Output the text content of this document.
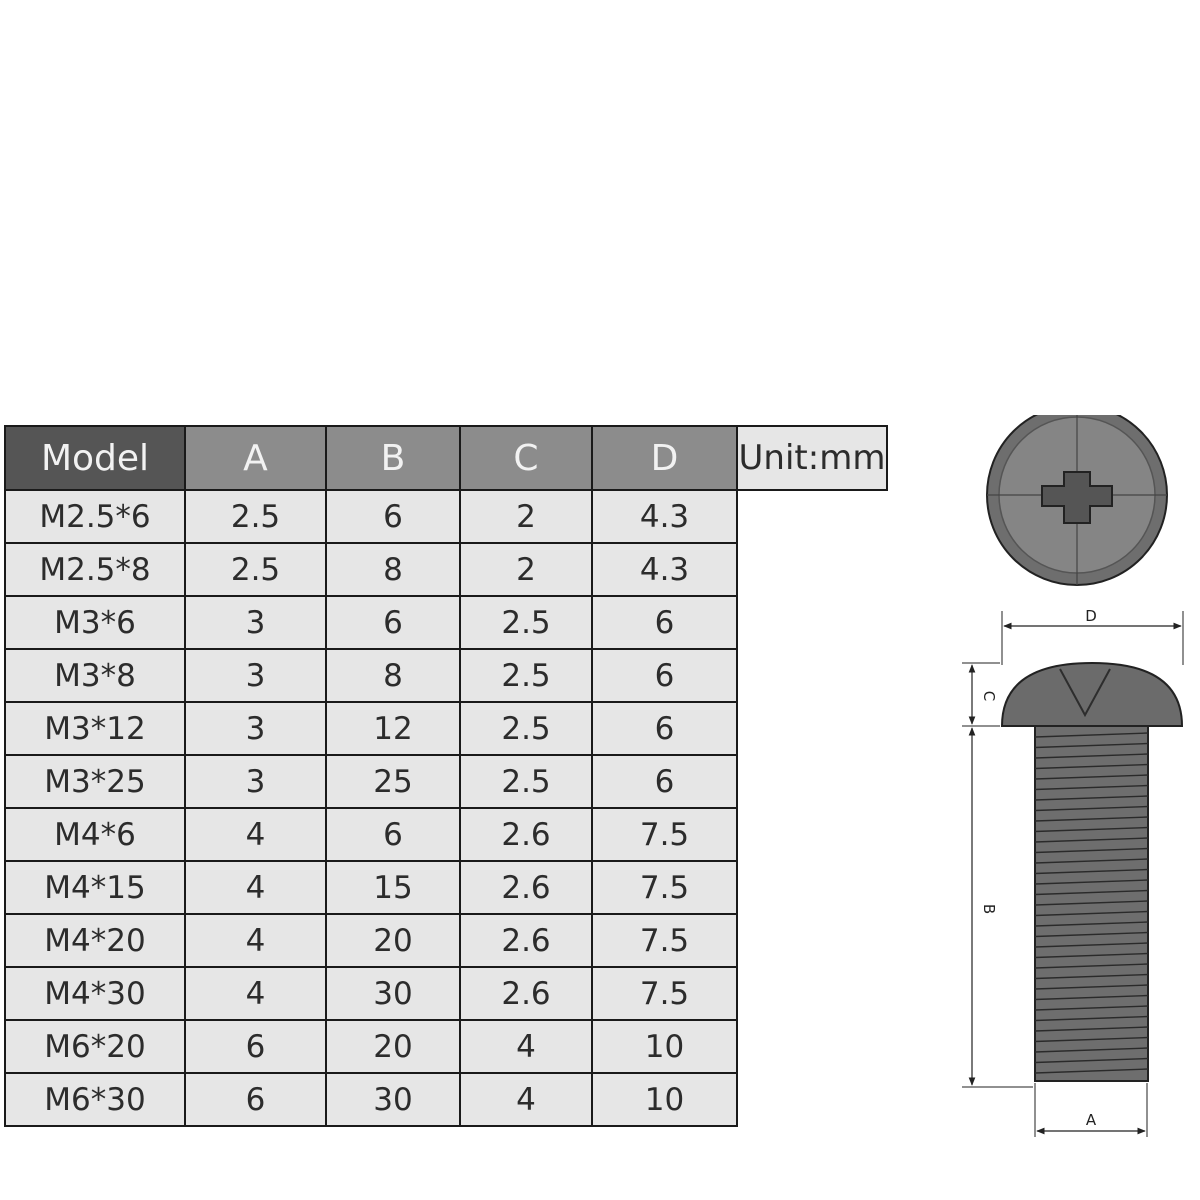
Model	A	B	C	D	Unit:mm
M2.5*6	2.5	6	2	4.3	
M2.5*8	2.5	8	2	4.3	
M3*6	3	6	2.5	6	
M3*8	3	8	2.5	6	
M3*12	3	12	2.5	6	
M3*25	3	25	2.5	6	
M4*6	4	6	2.6	7.5	
M4*15	4	15	2.6	7.5	
M4*20	4	20	2.6	7.5	
M4*30	4	30	2.6	7.5	
M6*20	6	20	4	10	
M6*30	6	30	4	10	
D
C
B
A
